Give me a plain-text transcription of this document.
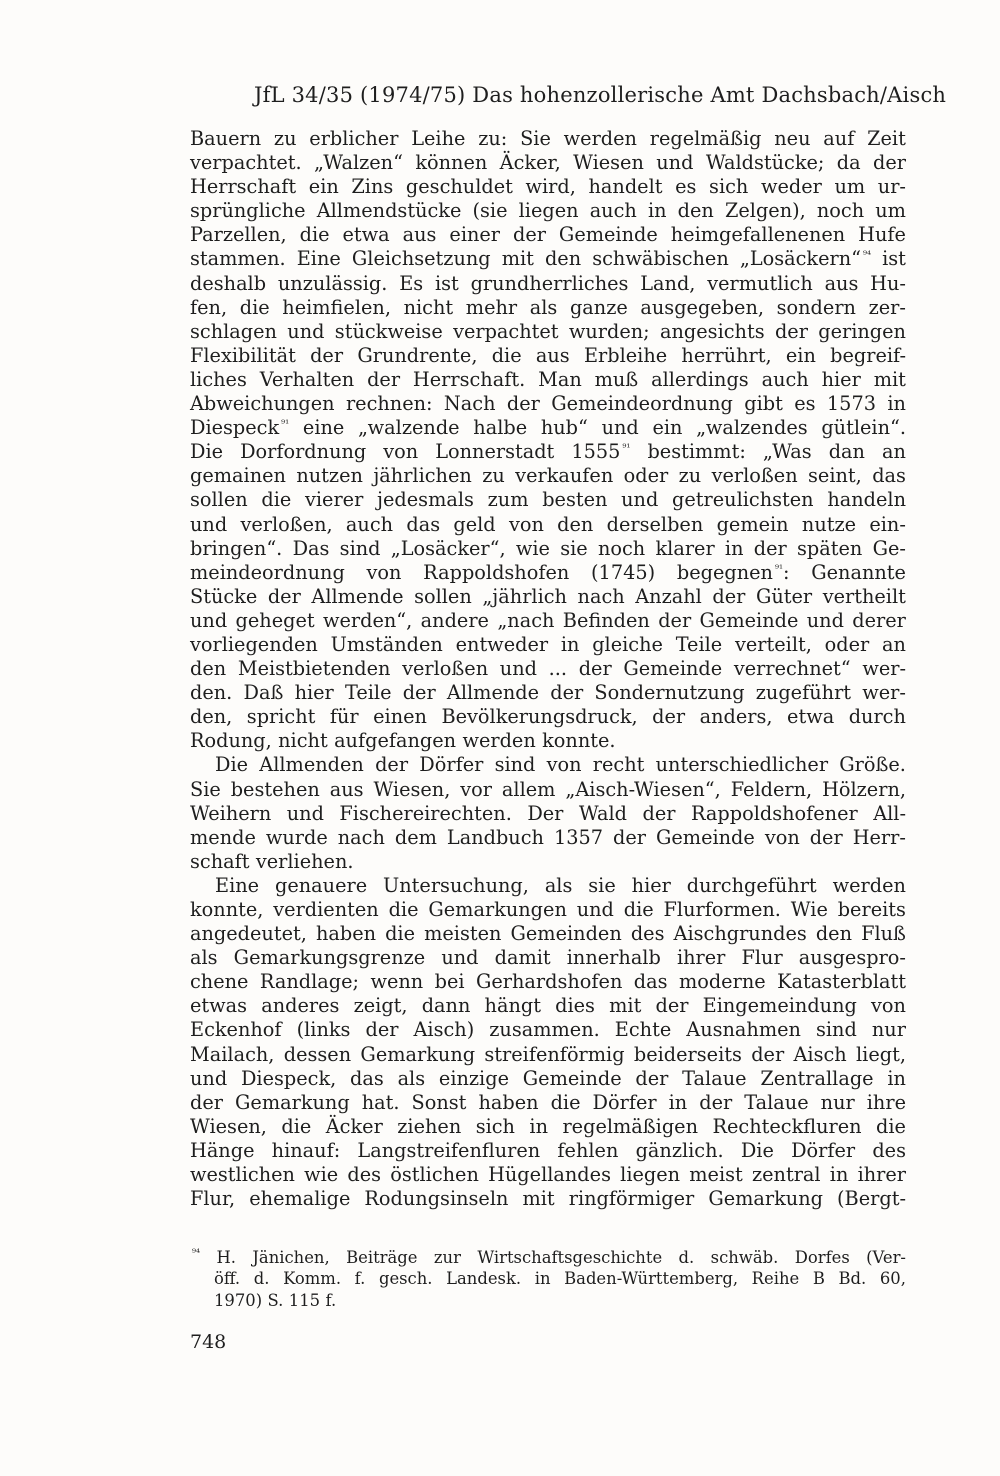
JfL 34/35 (1974/75) Das hohenzollerische Amt Dachsbach/Aisch
Bauern zu erblicher Leihe zu: Sie werden regelmäßig neu auf Zeit
verpachtet. „Walzen“ können Äcker, Wiesen und Waldstücke; da der
Herrschaft ein Zins geschuldet wird, handelt es sich weder um ur-
sprüngliche Allmendstücke (sie liegen auch in den Zelgen), noch um
Parzellen, die etwa aus einer der Gemeinde heimgefallenenen Hufe
stammen. Eine Gleichsetzung mit den schwäbischen „Losäckern“ $^{^{94}}$ ist
deshalb unzulässig. Es ist grundherrliches Land, vermutlich aus Hu-
fen, die heimfielen, nicht mehr als ganze ausgegeben, sondern zer-
schlagen und stückweise verpachtet wurden; angesichts der geringen
Flexibilität der Grundrente, die aus Erbleihe herrührt, ein begreif-
liches Verhalten der Herrschaft. Man muß allerdings auch hier mit
Abweichungen rechnen: Nach der Gemeindeordnung gibt es 1573 in
Diespeck $^{^{91}}$ eine „walzende halbe hub“ und ein „walzendes gütlein“.
Die Dorfordnung von Lonnerstadt 1555 $^{^{91}}$ bestimmt: „Was dan an
gemainen nutzen jährlichen zu verkaufen oder zu verloßen seint, das
sollen die vierer jedesmals zum besten und getreulichsten handeln
und verloßen, auch das geld von den derselben gemein nutze ein-
bringen“. Das sind „Losäcker“, wie sie noch klarer in der späten Ge-
meindeordnung von Rappoldshofen (1745) begegnen $^{^{91}}$: Genannte
Stücke der Allmende sollen „jährlich nach Anzahl der Güter vertheilt
und geheget werden“, andere „nach Befinden der Gemeinde und derer
vorliegenden Umständen entweder in gleiche Teile verteilt, oder an
den Meistbietenden verloßen und ... der Gemeinde verrechnet“ wer-
den. Daß hier Teile der Allmende der Sondernutzung zugeführt wer-
den, spricht für einen Bevölkerungsdruck, der anders, etwa durch
Rodung, nicht aufgefangen werden konnte.
Die Allmenden der Dörfer sind von recht unterschiedlicher Größe.
Sie bestehen aus Wiesen, vor allem „Aisch-Wiesen“, Feldern, Hölzern,
Weihern und Fischereirechten. Der Wald der Rappoldshofener All-
mende wurde nach dem Landbuch 1357 der Gemeinde von der Herr-
schaft verliehen.
Eine genauere Untersuchung, als sie hier durchgeführt werden
konnte, verdienten die Gemarkungen und die Flurformen. Wie bereits
angedeutet, haben die meisten Gemeinden des Aischgrundes den Fluß
als Gemarkungsgrenze und damit innerhalb ihrer Flur ausgespro-
chene Randlage; wenn bei Gerhardshofen das moderne Katasterblatt
etwas anderes zeigt, dann hängt dies mit der Eingemeindung von
Eckenhof (links der Aisch) zusammen. Echte Ausnahmen sind nur
Mailach, dessen Gemarkung streifenförmig beiderseits der Aisch liegt,
und Diespeck, das als einzige Gemeinde der Talaue Zentrallage in
der Gemarkung hat. Sonst haben die Dörfer in der Talaue nur ihre
Wiesen, die Äcker ziehen sich in regelmäßigen Rechteckfluren die
Hänge hinauf: Langstreifenfluren fehlen gänzlich. Die Dörfer des
westlichen wie des östlichen Hügellandes liegen meist zentral in ihrer
Flur, ehemalige Rodungsinseln mit ringförmiger Gemarkung (Bergt-
$^{^{94}}$ H. Jänichen, Beiträge zur Wirtschaftsgeschichte d. schwäb. Dorfes (Ver-
öff. d. Komm. f. gesch. Landesk. in Baden-Württemberg, Reihe B Bd. 60,
1970) S. 115 f.
748
